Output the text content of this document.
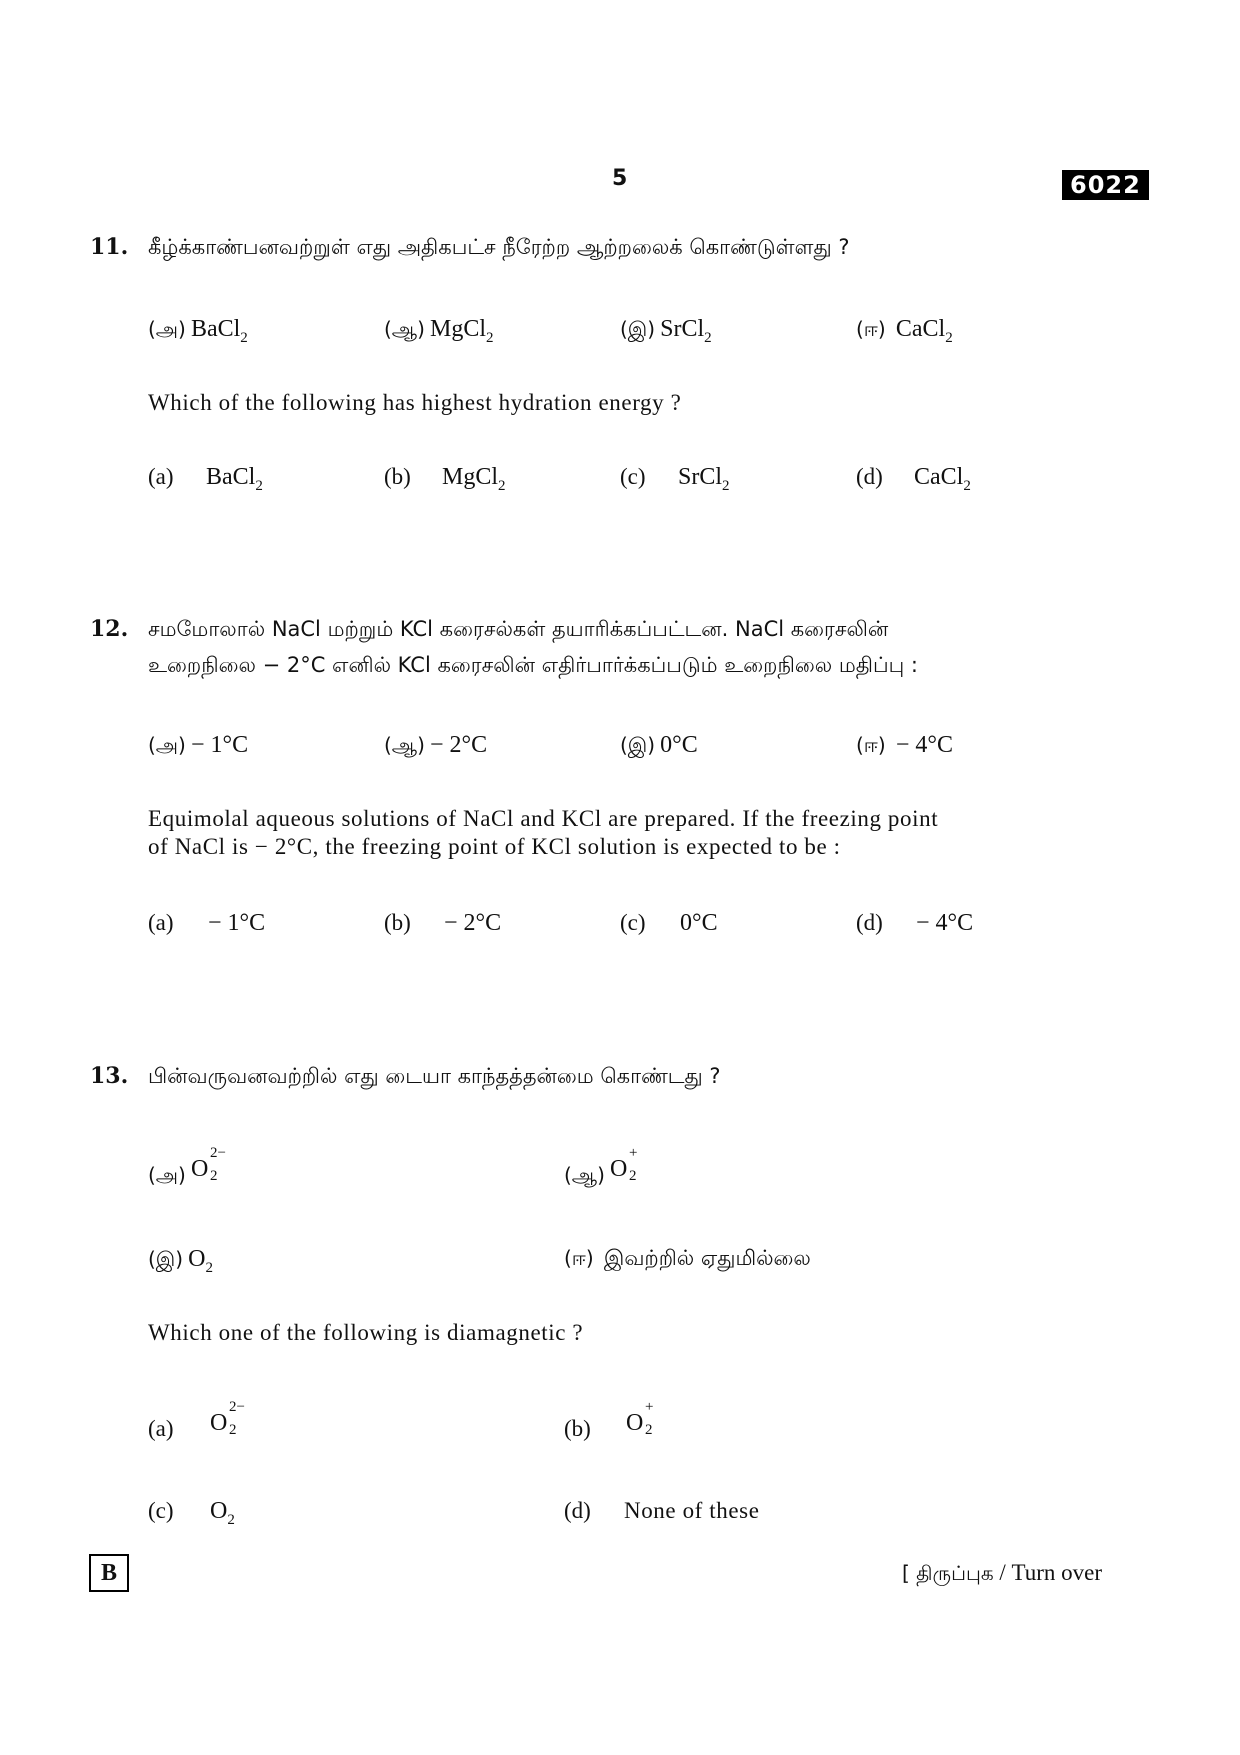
5	6022
11. கீழ்க்காண்பனவற்றுள் எது அதிகபட்ச நீரேற்ற ஆற்றலைக் கொண்டுள்ளது ?
(அ) BaCl$_2$	(ஆ) MgCl$_2$	(இ) SrCl$_2$	(ஈ) CaCl$_2$
Which of the following has highest hydration energy ?
(a) BaCl$_2$	(b) MgCl$_2$	(c) SrCl$_2$	(d) CaCl$_2$
12. சமமோலால் NaCl மற்றும் KCl கரைசல்கள் தயாரிக்கப்பட்டன. NaCl கரைசலின்
உறைநிலை − 2°C எனில் KCl கரைசலின் எதிர்பார்க்கப்படும் உறைநிலை மதிப்பு :
(அ) − 1°C	(ஆ) − 2°C	(இ) 0°C	(ஈ) − 4°C
Equimolal aqueous solutions of NaCl and KCl are prepared. If the freezing point
of NaCl is − 2°C, the freezing point of KCl solution is expected to be :
(a) − 1°C	(b) − 2°C	(c) 0°C	(d) − 4°C
13. பின்வருவனவற்றில் எது டையா காந்தத்தன்மை கொண்டது ?
(அ) O
2−
2	(ஆ) O
+
2
(இ) $O_2$	(ஈ) இவற்றில் ஏதுமில்லை
Which one of the following is diamagnetic ?
(a) O
2−
2	(b) O
+
2
(c) $O_2$	(d) None of these
B	[ திருப்புக / Turn over
